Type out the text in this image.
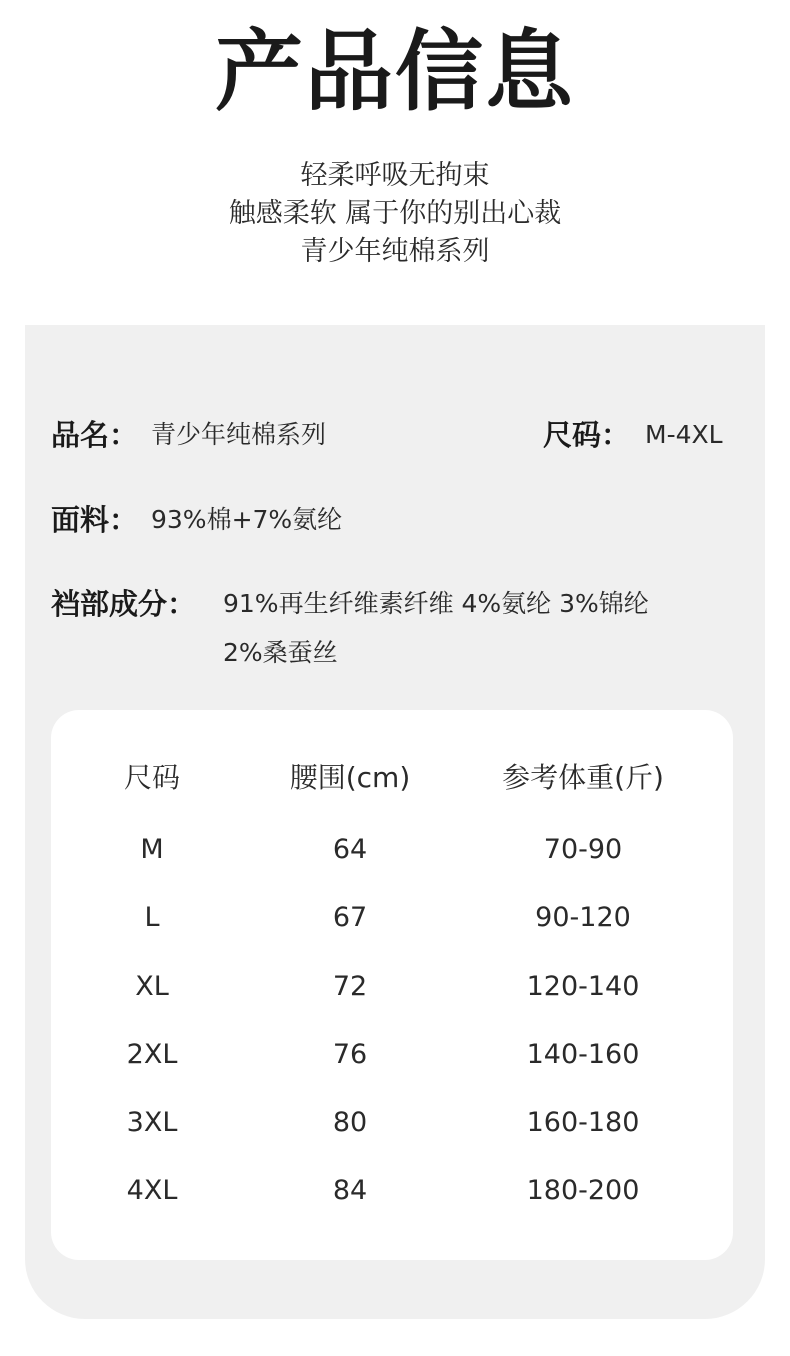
产品信息
轻柔呼吸无拘束
触感柔软 属于你的别出心裁
青少年纯棉系列
品名： 青少年纯棉系列	尺码： M-4XL
面料： 93%棉+7%氨纶
裆部成分： 91%再生纤维素纤维 4%氨纶 3%锦纶
2%桑蚕丝
尺码	腰围(cm)	参考体重(斤)
M	64	70-90
L	67	90-120
XL	72	120-140
2XL	76	140-160
3XL	80	160-180
4XL	84	180-200
